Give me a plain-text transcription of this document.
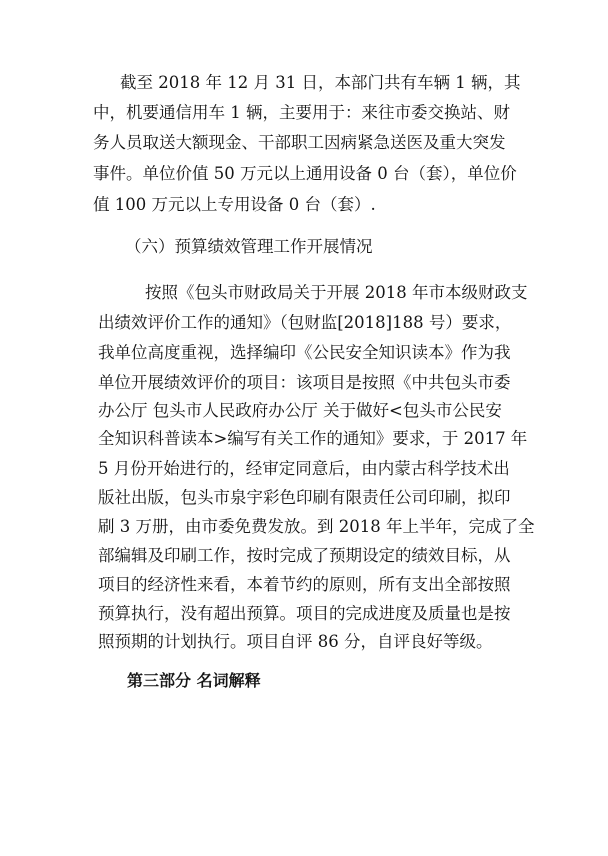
截至 2018 年 12 月 31 日，本部门共有车辆 1 辆，其
中，机要通信用车 1 辆，主要用于：来往市委交换站、财
务人员取送大额现金、干部职工因病紧急送医及重大突发
事件。单位价值 50 万元以上通用设备 0 台（套），单位价
值 100 万元以上专用设备 0 台（套）.
（六）预算绩效管理工作开展情况
按照《包头市财政局关于开展 2018 年市本级财政支
出绩效评价工作的通知》（包财监[2018]188 号）要求，
我单位高度重视，选择编印《公民安全知识读本》作为我
单位开展绩效评价的项目：该项目是按照《中共包头市委
办公厅 包头市人民政府办公厅 关于做好<包头市公民安
全知识科普读本>编写有关工作的通知》要求，于 2017 年
5 月份开始进行的，经审定同意后，由内蒙古科学技术出
版社出版，包头市泉宇彩色印刷有限责任公司印刷，拟印
刷 3 万册，由市委免费发放。到 2018 年上半年，完成了全
部编辑及印刷工作，按时完成了预期设定的绩效目标，从
项目的经济性来看，本着节约的原则，所有支出全部按照
预算执行，没有超出预算。项目的完成进度及质量也是按
照预期的计划执行。项目自评 86 分，自评良好等级。
第三部分 名词解释
